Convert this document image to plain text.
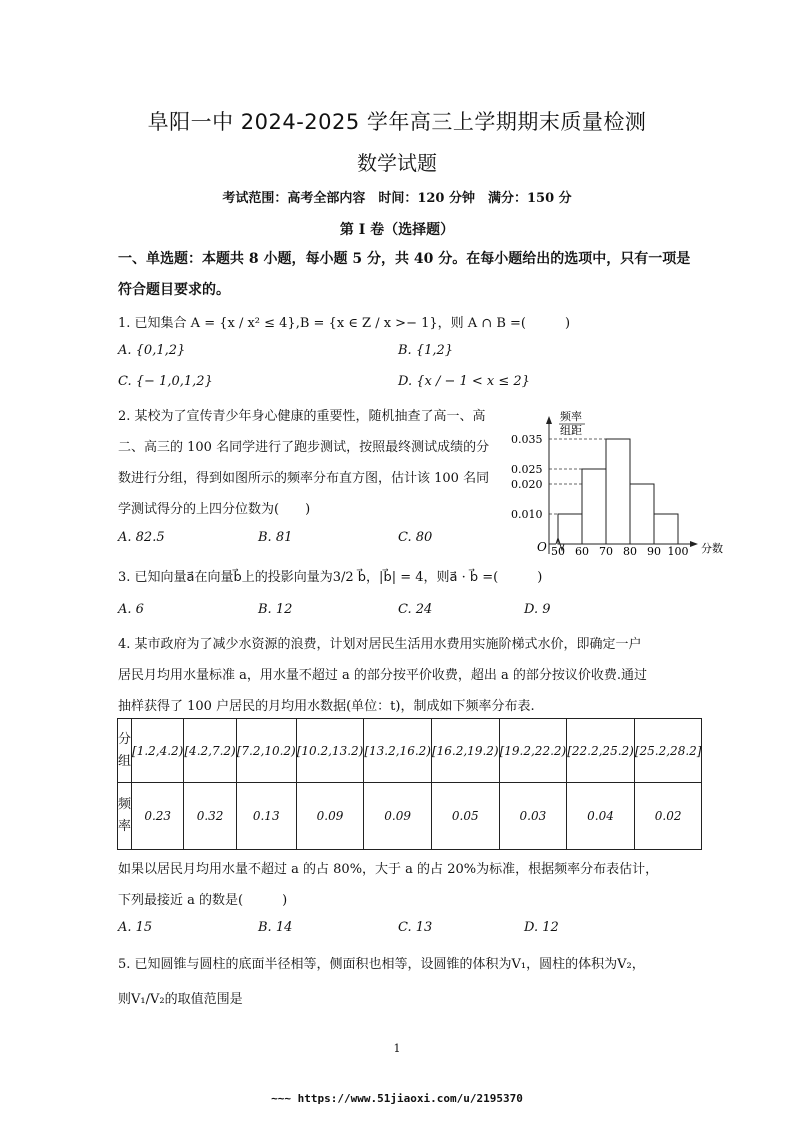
阜阳一中 2024-2025 学年高三上学期期末质量检测
数学试题
考试范围：高考全部内容　时间：120 分钟　满分：150 分
第 I 卷（选择题）
一、单选题：本题共 8 小题，每小题 5 分，共 40 分。在每小题给出的选项中，只有一项是
符合题目要求的。
1. 已知集合 A = {x / x² ≤ 4},B = {x ∈ Z / x >− 1}，则 A ∩ B =(　　　)
A. {0,1,2}	B. {1,2}
C. {− 1,0,1,2}	D. {x / − 1 < x ≤ 2}
2. 某校为了宣传青少年身心健康的重要性，随机抽查了高一、高
二、高三的 100 名同学进行了跑步测试，按照最终测试成绩的分
数进行分组，得到如图所示的频率分布直方图，估计该 100 名同
学测试得分的上四分位数为(　　)
A. 82.5	B. 81	C. 80
频率
组距
O	分数
0.010
0.020
0.025
0.035
50 60 70 80 90 100
3. 已知向量a⃗在向量b⃗上的投影向量为3/2 b⃗，|b⃗| = 4，则a⃗ · b⃗ =(　　　)
A. 6	B. 12	C. 24	D. 9
4. 某市政府为了减少水资源的浪费，计划对居民生活用水费用实施阶梯式水价，即确定一户
居民月均用水量标准 a，用水量不超过 a 的部分按平价收费，超出 a 的部分按议价收费.通过
抽样获得了 100 户居民的月均用水数据(单位：t)，制成如下频率分布表.
分组	[1.2,4.2)	[4.2,7.2)	[7.2,10.2)	[10.2,13.2)	[13.2,16.2)	[16.2,19.2)	[19.2,22.2)	[22.2,25.2)	[25.2,28.2]
频率	0.23	0.32	0.13	0.09	0.09	0.05	0.03	0.04	0.02
如果以居民月均用水量不超过 a 的占 80%，大于 a 的占 20%为标准，根据频率分布表估计，
下列最接近 a 的数是(　　　)
A. 15	B. 14	C. 13	D. 12
5. 已知圆锥与圆柱的底面半径相等，侧面积也相等，设圆锥的体积为V₁，圆柱的体积为V₂，
则V₁/V₂的取值范围是
1
~~~ https://www.51jiaoxi.com/u/2195370
